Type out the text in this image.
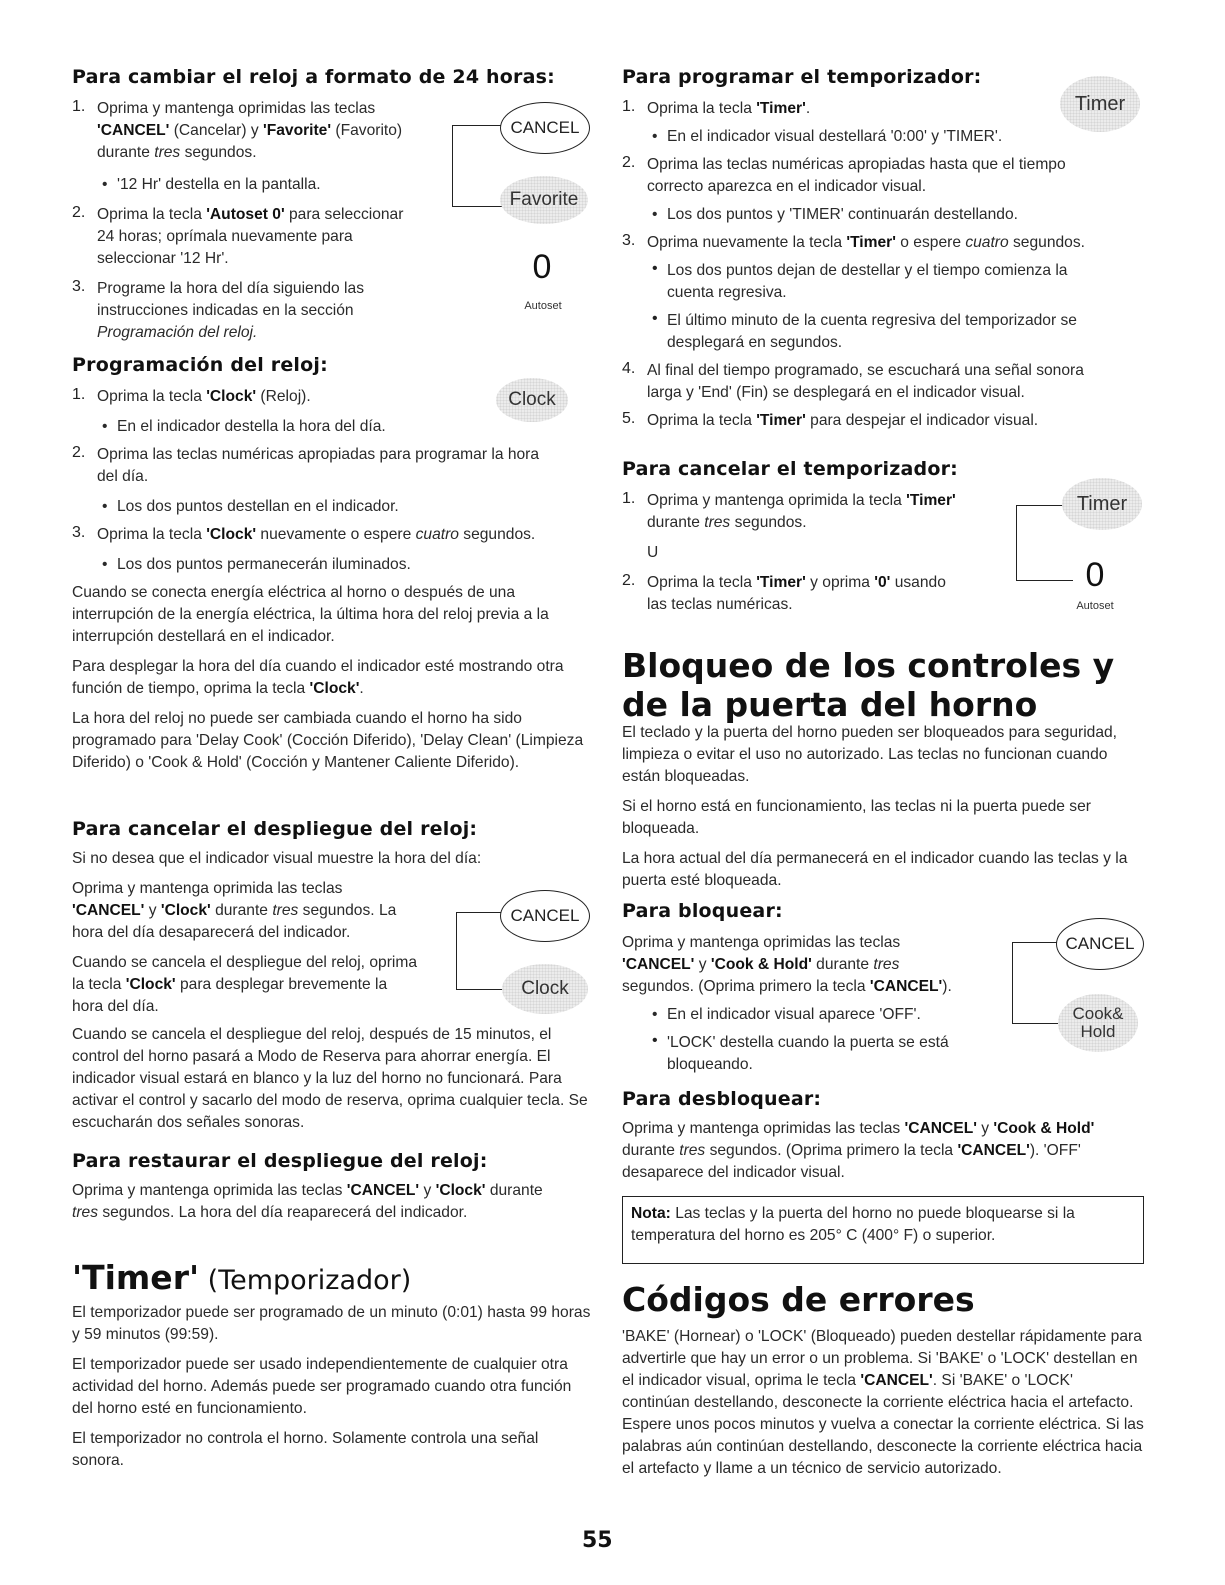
Para cambiar el reloj a formato de 24 horas:
1. Oprima y mantenga oprimidas las teclas

'CANCEL' (Cancelar) y 'Favorite' (Favorito)

durante tres segundos.

• '12 Hr' destella en la pantalla.

2. Oprima la tecla 'Autoset 0' para seleccionar

24 horas; oprímala nuevamente para

seleccionar '12 Hr'.

3. Programe la hora del día siguiendo las

instrucciones indicadas en la sección

Programación del reloj.

CANCEL
Favorite
0
Autoset
Programación del reloj:
1. Oprima la tecla 'Clock' (Reloj).

• En el indicador destella la hora del día.

2. Oprima las teclas numéricas apropiadas para programar la hora

del día.

• Los dos puntos destellan en el indicador.

3. Oprima la tecla 'Clock' nuevamente o espere cuatro segundos.

• Los dos puntos permanecerán iluminados.

Cuando se conecta energía eléctrica al horno o después de una interrupción de la energía eléctrica, la última hora del reloj previa a la interrupción destellará en el indicador.

Para desplegar la hora del día cuando el indicador esté mostrando otra función de tiempo, oprima la tecla 'Clock'.

La hora del reloj no puede ser cambiada cuando el horno ha sido programado para 'Delay Cook' (Cocción Diferido), 'Delay Clean' (Limpieza Diferido) o 'Cook & Hold' (Cocción y Mantener Caliente Diferido).

Clock
Para cancelar el despliegue del reloj:

Si no desea que el indicador visual muestre la hora del día:

Oprima y mantenga oprimida las teclas

'CANCEL' y 'Clock' durante tres segundos. La

hora del día desaparecerá del indicador.

Cuando se cancela el despliegue del reloj, oprima

la tecla 'Clock' para desplegar brevemente la

hora del día.

Cuando se cancela el despliegue del reloj, después de 15 minutos, el control del horno pasará a Modo de Reserva para ahorrar energía. El indicador visual estará en blanco y la luz del horno no funcionará. Para activar el control y sacarlo del modo de reserva, oprima cualquier tecla. Se escucharán dos señales sonoras.

CANCEL
Clock
Para restaurar el despliegue del reloj:

Oprima y mantenga oprimida las teclas 'CANCEL' y 'Clock' durante
tres segundos. La hora del día reaparecerá del indicador.

'Timer' (Temporizador)

El temporizador puede ser programado de un minuto (0:01) hasta 99 horas y 59 minutos (99:59).

El temporizador puede ser usado independientemente de cualquier otra actividad del horno. Además puede ser programado cuando otra función del horno esté en funcionamiento.

El temporizador no controla el horno. Solamente controla una señal sonora.

Para programar el temporizador:
Timer
1. Oprima la tecla 'Timer'.

• En el indicador visual destellará '0:00' y 'TIMER'.

2. Oprima las teclas numéricas apropiadas hasta que el tiempo

correcto aparezca en el indicador visual.

• Los dos puntos y 'TIMER' continuarán destellando.

3. Oprima nuevamente la tecla 'Timer' o espere cuatro segundos.

• Los dos puntos dejan de destellar y el tiempo comienza la

cuenta regresiva.

• El último minuto de la cuenta regresiva del temporizador se

desplegará en segundos.

4. Al final del tiempo programado, se escuchará una señal sonora

larga y 'End' (Fin) se desplegará en el indicador visual.

5. Oprima la tecla 'Timer' para despejar el indicador visual.

Para cancelar el temporizador:
1. Oprima y mantenga oprimida la tecla 'Timer'

durante tres segundos.

U

2. Oprima la tecla 'Timer' y oprima '0' usando

las teclas numéricas.

Timer
0
Autoset
Bloqueo de los controles y de la puerta del horno

El teclado y la puerta del horno pueden ser bloqueados para seguridad, limpieza o evitar el uso no autorizado. Las teclas no funcionan cuando están bloqueadas.

Si el horno está en funcionamiento, las teclas ni la puerta puede ser bloqueada.

La hora actual del día permanecerá en el indicador cuando las teclas y la puerta esté bloqueada.

Para bloquear:

Oprima y mantenga oprimidas las teclas

'CANCEL' y 'Cook & Hold' durante tres

segundos. (Oprima primero la tecla 'CANCEL').

• En el indicador visual aparece 'OFF'.

• 'LOCK' destella cuando la puerta se está

bloqueando.

CANCEL
Cook&
Hold
Para desbloquear:

Oprima y mantenga oprimidas las teclas 'CANCEL' y 'Cook & Hold'

durante tres segundos. (Oprima primero la tecla 'CANCEL'). 'OFF'

desaparece del indicador visual.

Nota: Las teclas y la puerta del horno no puede bloquearse si la

temperatura del horno es 205° C (400° F) o superior.

Códigos de errores

'BAKE' (Hornear) o 'LOCK' (Bloqueado) pueden destellar rápidamente para advertirle que hay un error o un problema. Si 'BAKE' o 'LOCK' destellan en el indicador visual, oprima le tecla 'CANCEL'. Si 'BAKE' o 'LOCK' continúan destellando, desconecte la corriente eléctrica hacia el artefacto. Espere unos pocos minutos y vuelva a conectar la corriente eléctrica. Si las palabras aún continúan destellando, desconecte la corriente eléctrica hacia el artefacto y llame a un técnico de servicio autorizado.

55
